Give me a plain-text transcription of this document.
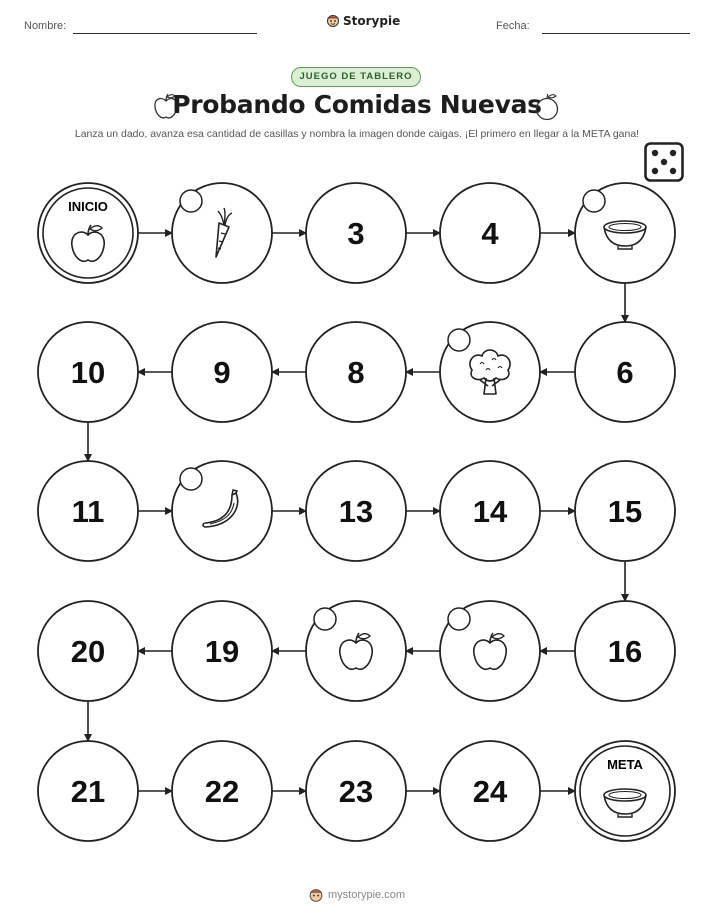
Nombre:	Storypie	Fecha:
JUEGO DE TABLERO
Probando Comidas Nuevas
Lanza un dado, avanza esa cantidad de casillas y nombra la imagen donde caigas. ¡El primero en llegar a la META gana!
INICIO
3	4
6
8
9
10
11	13	14	15
16
19
20
21	22	23	24
META
mystorypie.com
